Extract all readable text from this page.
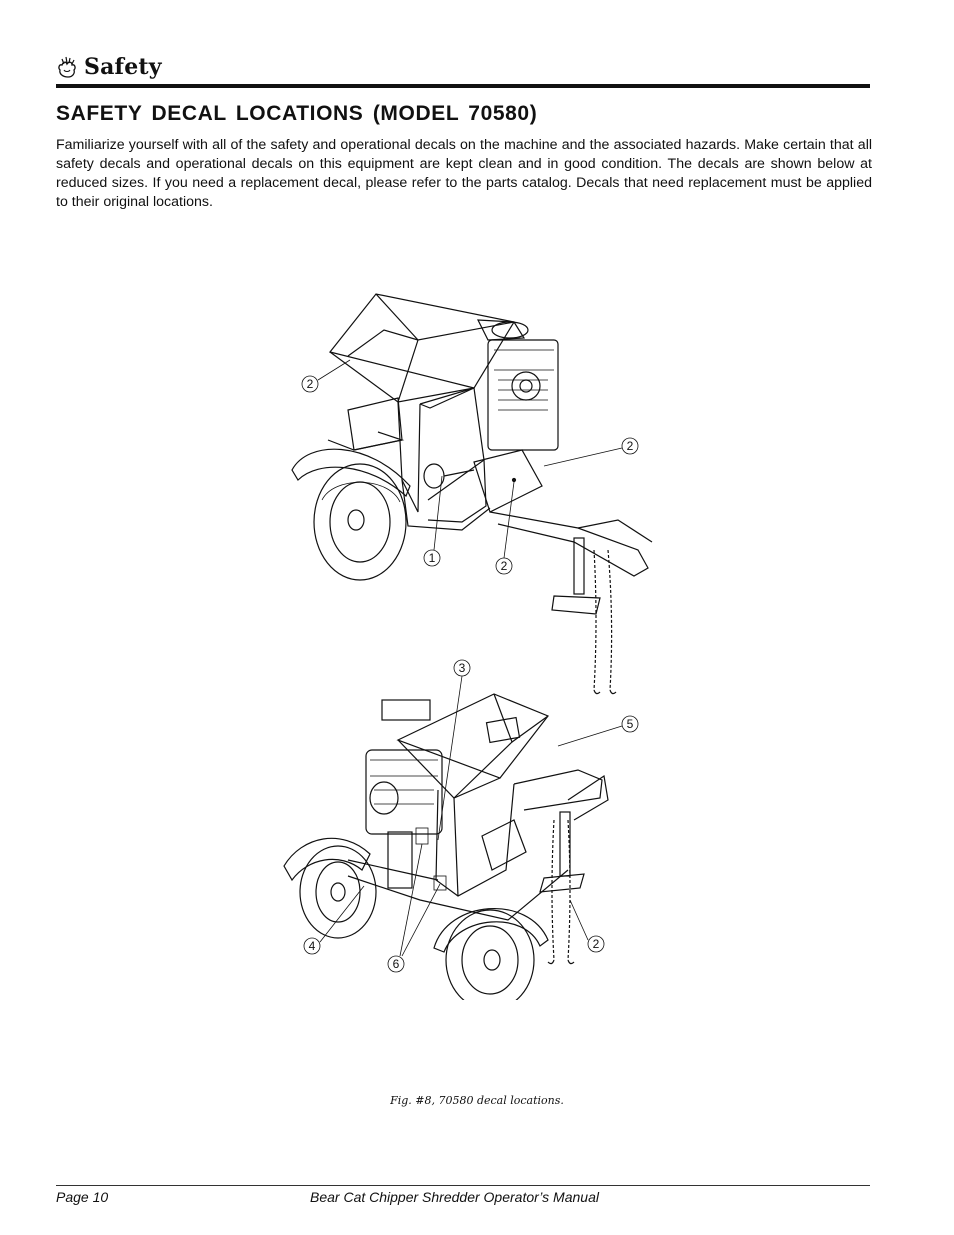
Safety
SAFETY DECAL LOCATIONS (MODEL 70580)
Familiarize yourself with all of the safety and operational decals on the machine and the associated hazards. Make certain that all safety decals and operational decals on this equipment are kept clean and in good condition. The decals are shown below at reduced sizes. If you need a replacement decal, please refer to the parts catalog. Decals that need replacement must be applied to their original locations.
2
2
1
2
3
5
4
6
2
Fig. #8, 70580 decal locations.
Page 10	Bear Cat Chipper Shredder Operator’s Manual
